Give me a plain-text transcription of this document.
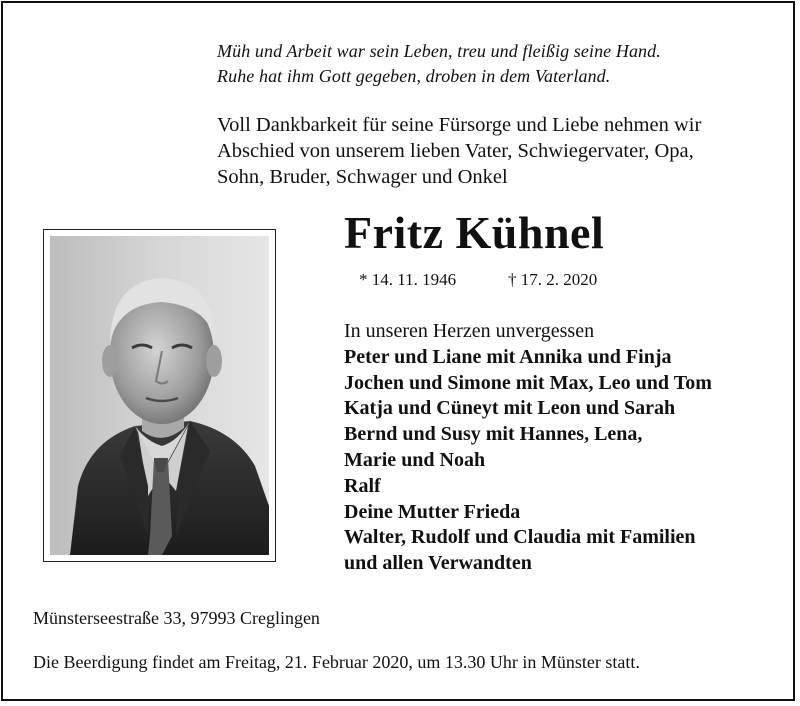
Müh und Arbeit war sein Leben, treu und fleißig seine Hand.
Ruhe hat ihm Gott gegeben, droben in dem Vaterland.
Voll Dankbarkeit für seine Fürsorge und Liebe nehmen wir
Abschied von unserem lieben Vater, Schwiegervater, Opa,
Sohn, Bruder, Schwager und Onkel
Fritz Kühnel
* 14. 11. 1946	† 17. 2. 2020
In unseren Herzen unvergessen
Peter und Liane mit Annika und Finja
Jochen und Simone mit Max, Leo und Tom
Katja und Cüneyt mit Leon und Sarah
Bernd und Susy mit Hannes, Lena,
Marie und Noah
Ralf
Deine Mutter Frieda
Walter, Rudolf und Claudia mit Familien
und allen Verwandten
Münsterseestraße 33, 97993 Creglingen
Die Beerdigung findet am Freitag, 21. Februar 2020, um 13.30 Uhr in Münster statt.
